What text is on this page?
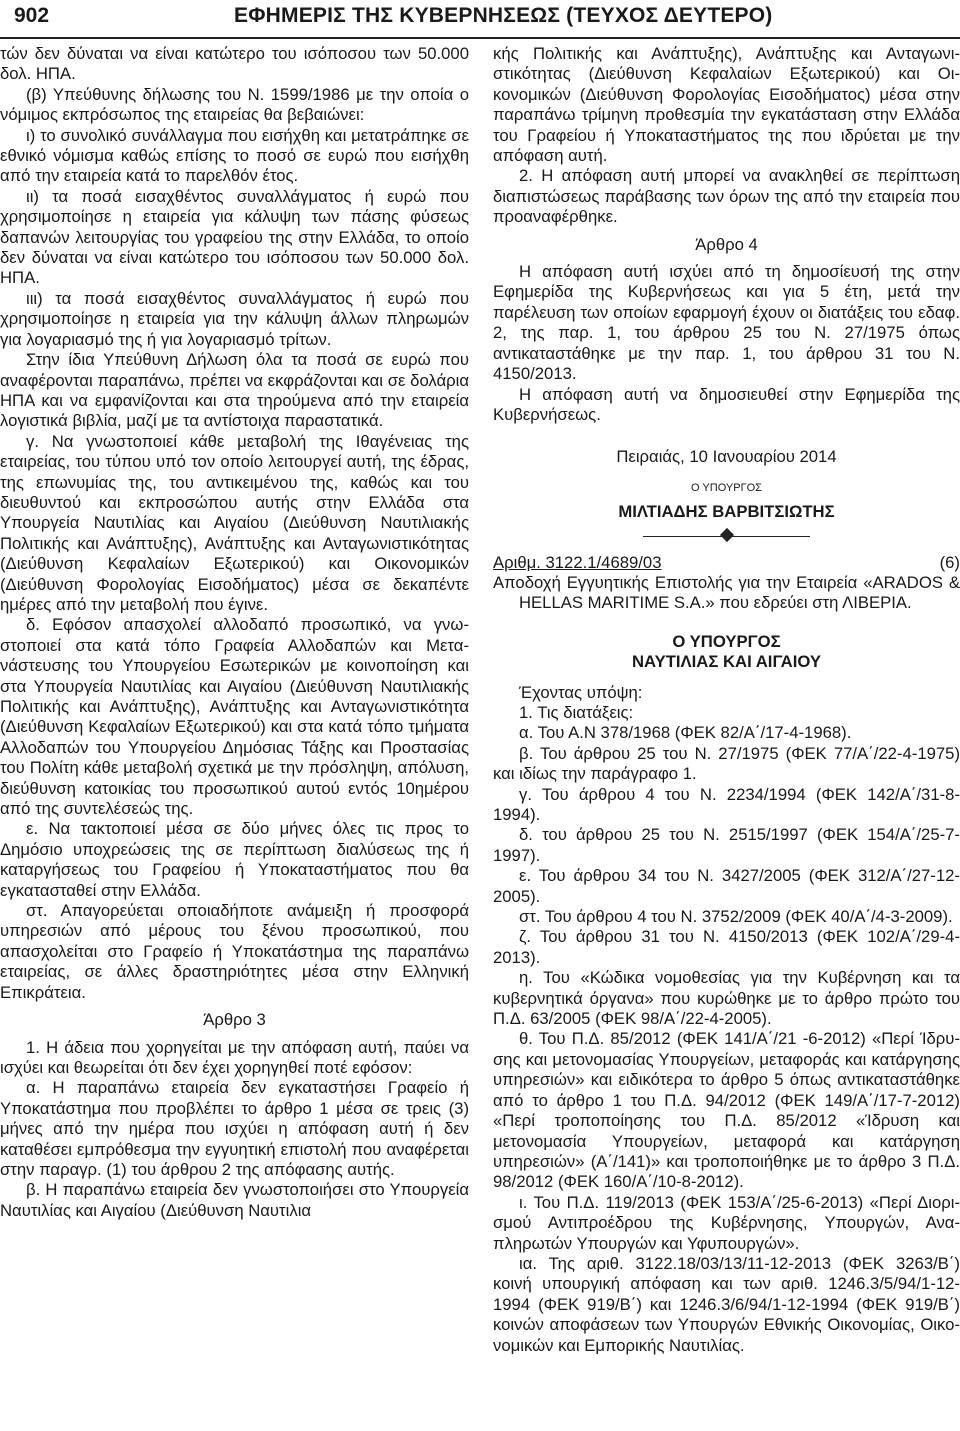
902	ΕΦΗΜΕΡΙΣ ΤΗΣ ΚΥΒΕΡΝΗΣΕΩΣ (ΤΕΥΧΟΣ ΔΕΥΤΕΡΟ)

τών δεν δύναται να είναι κατώτερο του ισόποσου των 50.000 δολ. ΗΠΑ.

(β) Υπεύθυνης δήλωσης του Ν. 1599/1986 με την οποία ο νόμιμος εκπρόσωπος της εταιρείας θα βεβαιώνει:

ι) το συνολικό συνάλλαγμα που εισήχθη και μετατράπηκε σε εθνικό νόμισμα καθώς επίσης το ποσό σε ευρώ που εισήχθη από την εταιρεία κατά το παρελθόν έτος.

ιι) τα ποσά εισαχθέντος συναλλάγματος ή ευρώ που χρησιμοποίησε η εταιρεία για κάλυψη των πάσης φύσεως δαπανών λειτουργίας του γραφείου της στην Ελλάδα, το οποίο δεν δύναται να είναι κατώτερο του ισόποσου των 50.000 δολ. ΗΠΑ.

ιιι) τα ποσά εισαχθέντος συναλλάγματος ή ευρώ που χρησιμοποίησε η εταιρεία για την κάλυψη άλλων πληρωμών για λογαριασμό της ή για λογαριασμό τρίτων.

Στην ίδια Υπεύθυνη Δήλωση όλα τα ποσά σε ευρώ που αναφέρονται παραπάνω, πρέπει να εκφράζονται και σε δολάρια ΗΠΑ και να εμφανίζονται και στα τηρούμενα από την εταιρεία λογιστικά βιβλία, μαζί με τα αντίστοιχα παραστατικά.

γ. Να γνωστοποιεί κάθε μεταβολή της Ιθαγένειας της εταιρείας, του τύπου υπό τον οποίο λειτουργεί αυτή, της έδρας, της επωνυμίας της, του αντικειμένου της, καθώς και του διευθυντού και εκπροσώπου αυτής στην Ελλάδα στα Υπουργεία Ναυτιλίας και Αιγαίου (Διεύθυνση Ναυτιλιακής Πολιτικής και Ανάπτυξης), Ανάπτυξης και Ανταγωνιστικότητας (Διεύθυνση Κεφαλαίων Εξωτερικού) και Οικονομικών (Διεύθυνση Φορολογίας Εισοδήματος) μέσα σε δεκαπέντε ημέρες από την μεταβολή που έγινε.

δ. Εφόσον απασχολεί αλλοδαπό προσωπικό, να γνωστοποιεί στα κατά τόπο Γραφεία Αλλοδαπών και Μετανάστευσης του Υπουργείου Εσωτερικών με κοινοποίηση και στα Υπουργεία Ναυτιλίας και Αιγαίου (Διεύθυνση Ναυτιλιακής Πολιτικής και Ανάπτυξης), Ανάπτυξης και Ανταγωνιστικότητα (Διεύθυνση Κεφαλαίων Εξωτερικού) και στα κατά τόπο τμήματα Αλλοδαπών του Υπουργείου Δημόσιας Τάξης και Προστασίας του Πολίτη κάθε μεταβολή σχετικά με την πρόσληψη, απόλυση, διεύθυνση κατοικίας του προσωπικού αυτού εντός 10ημέρου από της συντελέσεώς της.

ε. Να τακτοποιεί μέσα σε δύο μήνες όλες τις προς το Δημόσιο υποχρεώσεις της σε περίπτωση διαλύσεως της ή καταργήσεως του Γραφείου ή Υποκαταστήματος που θα εγκατασταθεί στην Ελλάδα.

στ. Απαγορεύεται οποιαδήποτε ανάμειξη ή προσφορά υπηρεσιών από μέρους του ξένου προσωπικού, που απασχολείται στο Γραφείο ή Υποκατάστημα της παραπάνω εταιρείας, σε άλλες δραστηριότητες μέσα στην Ελληνική Επικράτεια.

Άρθρο 3

1. Η άδεια που χορηγείται με την απόφαση αυτή, παύει να ισχύει και θεωρείται ότι δεν έχει χορηγηθεί ποτέ εφόσον:

α. Η παραπάνω εταιρεία δεν εγκαταστήσει Γραφείο ή Υποκατάστημα που προβλέπει το άρθρο 1 μέσα σε τρεις (3) μήνες από την ημέρα που ισχύει η απόφαση αυτή ή δεν καταθέσει εμπρόθεσμα την εγγυητική επιστολή που αναφέρεται στην παραγρ. (1) του άρθρου 2 της απόφασης αυτής.

β. Η παραπάνω εταιρεία δεν γνωστοποιήσει στο Υπουργεία Ναυτιλίας και Αιγαίου (Διεύθυνση Ναυτιλια

κής Πολιτικής και Ανάπτυξης), Ανάπτυξης και Ανταγωνιστικότητας (Διεύθυνση Κεφαλαίων Εξωτερικού) και Οικονομικών (Διεύθυνση Φορολογίας Εισοδήματος) μέσα στην παραπάνω τρίμηνη προθεσμία την εγκατάσταση στην Ελλάδα του Γραφείου ή Υποκαταστήματος της που ιδρύεται με την απόφαση αυτή.

2. Η απόφαση αυτή μπορεί να ανακληθεί σε περίπτωση διαπιστώσεως παράβασης των όρων της από την εταιρεία που προαναφέρθηκε.

Άρθρο 4

Η απόφαση αυτή ισχύει από τη δημοσίευσή της στην Εφημερίδα της Κυβερνήσεως και για 5 έτη, μετά την παρέλευση των οποίων εφαρμογή έχουν οι διατάξεις του εδαφ. 2, της παρ. 1, του άρθρου 25 του Ν. 27/1975 όπως αντικαταστάθηκε με την παρ. 1, του άρθρου 31 του Ν. 4150/2013.

Η απόφαση αυτή να δημοσιευθεί στην Εφημερίδα της Κυβερνήσεως.

Πειραιάς, 10 Ιανουαρίου 2014

Ο ΥΠΟΥΡΓΟΣ

ΜΙΛΤΙΑΔΗΣ ΒΑΡΒΙΤΣΙΩΤΗΣ

Αριθμ. 3122.1/4689/03	(6)

Αποδοχή Εγγυητικής Επιστολής για την Εταιρεία «ARADOS & HELLAS MARITIME S.A.» που εδρεύει στη ΛΙΒΕΡΙΑ.

Ο ΥΠΟΥΡΓΟΣ

ΝΑΥΤΙΛΙΑΣ ΚΑΙ ΑΙΓΑΙΟΥ

Έχοντας υπόψη:

1. Τις διατάξεις:

α. Του Α.Ν 378/1968 (ΦΕΚ 82/Α΄/17-4-1968).

β. Του άρθρου 25 του Ν. 27/1975 (ΦΕΚ 77/Α΄/22-4-1975) και ιδίως την παράγραφο 1.

γ. Του άρθρου 4 του Ν. 2234/1994 (ΦΕΚ 142/Α΄/31-8-1994).

δ. του άρθρου 25 του Ν. 2515/1997 (ΦΕΚ 154/Α΄/25-7-1997).

ε. Του άρθρου 34 του Ν. 3427/2005 (ΦΕΚ 312/Α΄/27-12-2005).

στ. Του άρθρου 4 του Ν. 3752/2009 (ΦΕΚ 40/Α΄/4-3-2009).

ζ. Του άρθρου 31 του Ν. 4150/2013 (ΦΕΚ 102/Α΄/29-4-2013).

η. Του «Κώδικα νομοθεσίας για την Κυβέρνηση και τα κυβερνητικά όργανα» που κυρώθηκε με το άρθρο πρώτο του Π.Δ. 63/2005 (ΦΕΚ 98/Α΄/22-4-2005).

θ. Του Π.Δ. 85/2012 (ΦΕΚ 141/Α΄/21 -6-2012) «Περί Ίδρυσης και μετονομασίας Υπουργείων, μεταφοράς και κατάργησης υπηρεσιών» και ειδικότερα το άρθρο 5 όπως αντικαταστάθηκε από το άρθρο 1 του Π.Δ. 94/2012 (ΦΕΚ 149/Α΄/17-7-2012) «Περί τροποποίησης του Π.Δ. 85/2012 «Ίδρυση και μετονομασία Υπουργείων, μεταφορά και κατάργηση υπηρεσιών» (Α΄/141)» και τροποποιήθηκε με το άρθρο 3 Π.Δ. 98/2012 (ΦΕΚ 160/Α΄/10-8-2012).

ι. Του Π.Δ. 119/2013 (ΦΕΚ 153/Α΄/25-6-2013) «Περί Διορισμού Αντιπροέδρου της Κυβέρνησης, Υπουργών, Αναπληρωτών Υπουργών και Υφυπουργών».

ια. Της αριθ. 3122.18/03/13/11-12-2013 (ΦΕΚ 3263/Β΄) κοινή υπουργική απόφαση και των αριθ. 1246.3/5/94/1-12-1994 (ΦΕΚ 919/Β΄) και 1246.3/6/94/1-12-1994 (ΦΕΚ 919/Β΄) κοινών αποφάσεων των Υπουργών Εθνικής Οικονομίας, Οικονομικών και Εμπορικής Ναυτιλίας.
